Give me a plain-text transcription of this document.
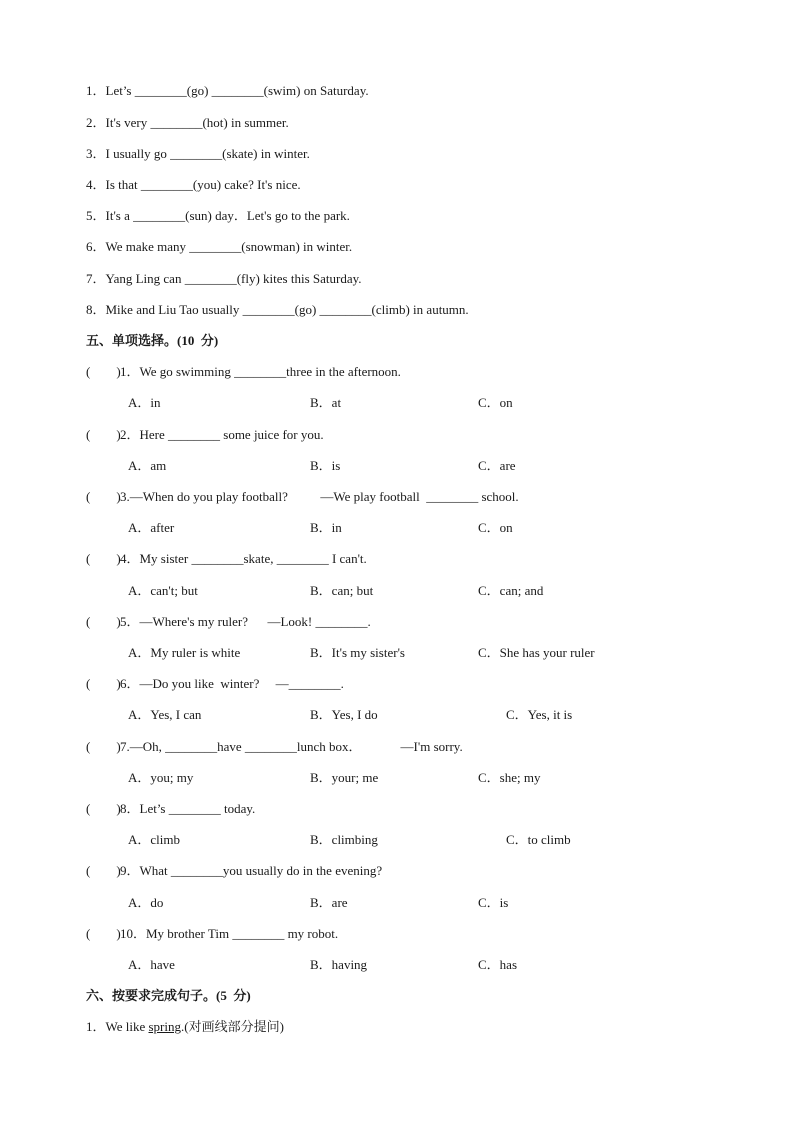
1．Let’s ________(go) ________(swim) on Saturday.
2．It's very ________(hot) in summer.
3．I usually go ________(skate) in winter.
4．Is that ________(you) cake? It's nice.
5．It's a ________(sun) day．Let's go to the park.
6．We make many ________(snowman) in winter.
7．Yang Ling can ________(fly) kites this Saturday.
8．Mike and Liu Tao usually ________(go) ________(climb) in autumn.
五、单项选择。(10  分)
(        ) 1．We go swimming ________three in the afternoon.
A．in	B．at	C．on
(        ) 2．Here ________ some juice for you.
A．am	B．is	C．are
(        ) 3.—When do you play football?          —We play football  ________ school.
A．after	B．in	C．on
(        ) 4．My sister ________skate, ________ I can't.
A．can't; but	B．can; but	C．can; and
(        ) 5．—Where's my ruler?      —Look! ________.
A．My ruler is white	B．It's my sister's	C．She has your ruler
(        ) 6．—Do you like  winter?     —________.
A．Yes, I can	B．Yes, I do	C．Yes, it is
(        ) 7.—Oh, ________have ________lunch box．            —I'm sorry.
A．you; my	B．your; me	C．she; my
(        ) 8．Let’s ________ today.
A．climb	B．climbing	C．to climb
(        ) 9．What ________you usually do in the evening?
A．do	B．are	C．is
(        ) 10．My brother Tim ________ my robot.
A．have	B．having	C．has
六、按要求完成句子。(5  分)
1．We like spring.(对画线部分提问)
